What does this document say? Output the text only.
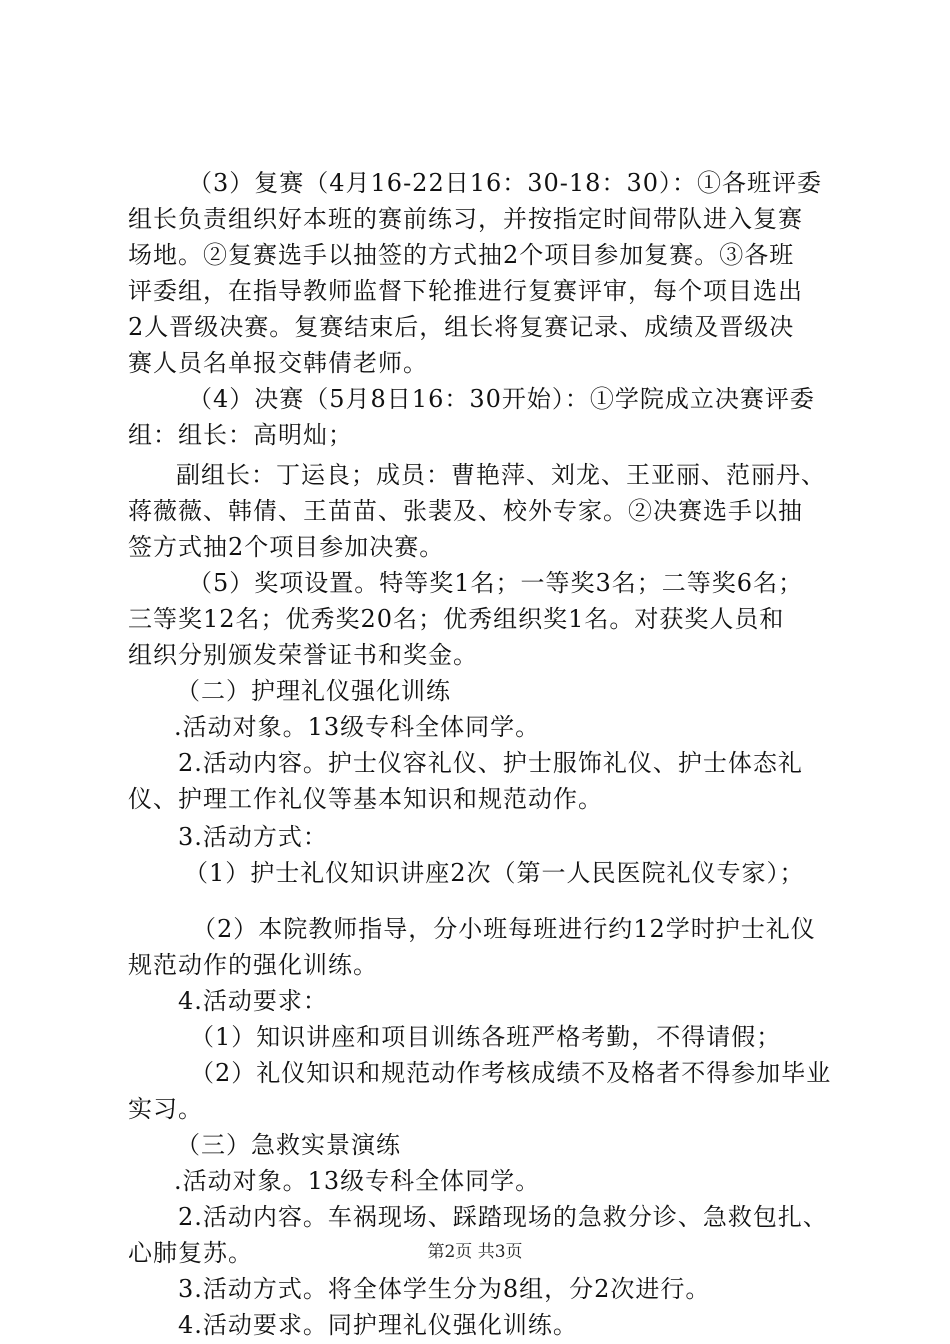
（3）复赛（4月16-22日16：30-18：30）：①各班评委
组长负责组织好本班的赛前练习，并按指定时间带队进入复赛
场地。②复赛选手以抽签的方式抽2个项目参加复赛。③各班
评委组，在指导教师监督下轮推进行复赛评审，每个项目选出
2人晋级决赛。复赛结束后，组长将复赛记录、成绩及晋级决
赛人员名单报交韩倩老师。
（4）决赛（5月8日16：30开始）：①学院成立决赛评委
组：组长：高明灿；
副组长：丁运良；成员：曹艳萍、刘龙、王亚丽、范丽丹、
蒋薇薇、韩倩、王苗苗、张裴及、校外专家。②决赛选手以抽
签方式抽2个项目参加决赛。
（5）奖项设置。特等奖1名；一等奖3名；二等奖6名；
三等奖12名；优秀奖20名；优秀组织奖1名。对获奖人员和
组织分别颁发荣誉证书和奖金。
（二）护理礼仪强化训练
.活动对象。13级专科全体同学。
2.活动内容。护士仪容礼仪、护士服饰礼仪、护士体态礼
仪、护理工作礼仪等基本知识和规范动作。
3.活动方式：
（1）护士礼仪知识讲座2次（第一人民医院礼仪专家）；
（2）本院教师指导，分小班每班进行约12学时护士礼仪
规范动作的强化训练。
4.活动要求：
（1）知识讲座和项目训练各班严格考勤，不得请假；
（2）礼仪知识和规范动作考核成绩不及格者不得参加毕业
实习。
（三）急救实景演练
.活动对象。13级专科全体同学。
2.活动内容。车祸现场、踩踏现场的急救分诊、急救包扎、
心肺复苏。
3.活动方式。将全体学生分为8组，分2次进行。
4.活动要求。同护理礼仪强化训练。
第2页 共3页
